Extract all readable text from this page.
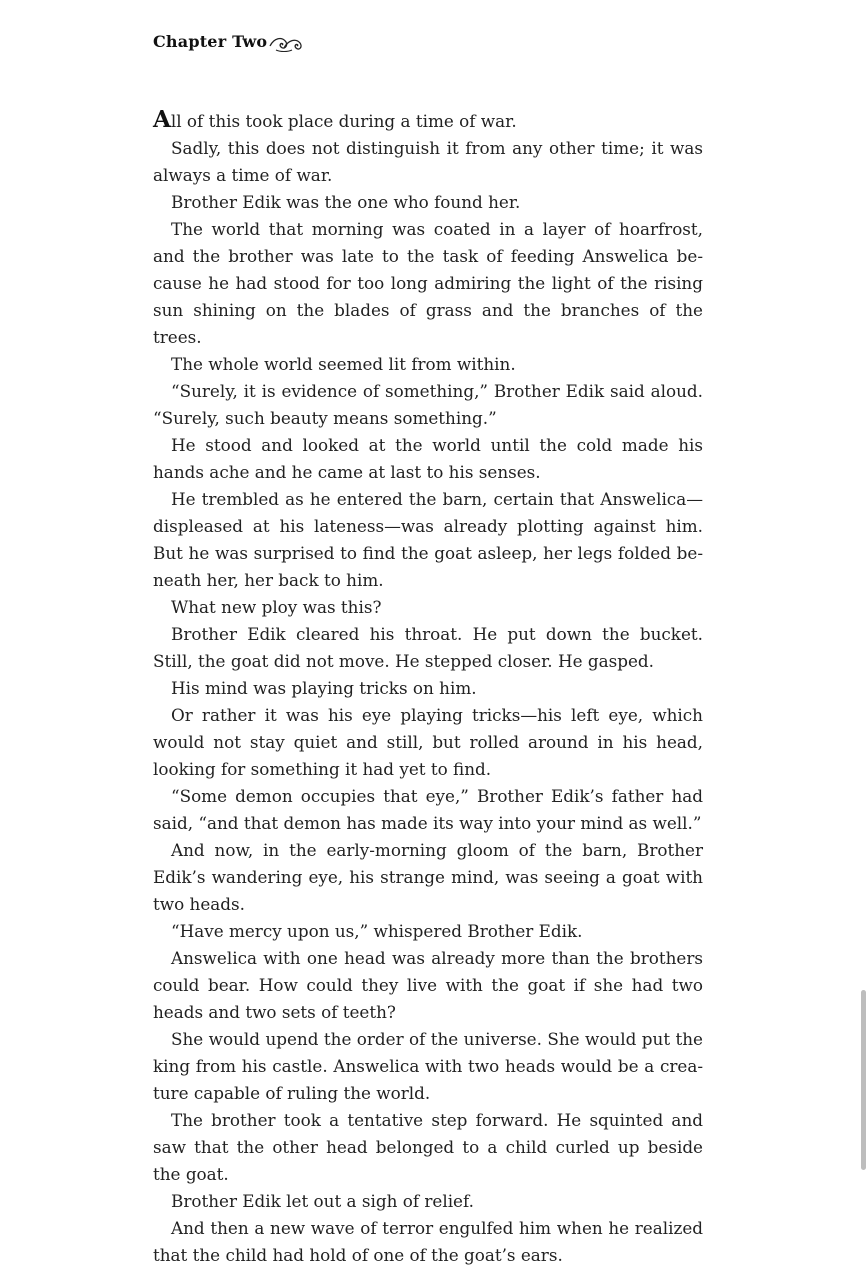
Chapter Two

All of this took place during a time of war.

Sadly, this does not distinguish it from any other time; it was always a time of war.

Brother Edik was the one who found her.

The world that morning was coated in a layer of hoarfrost, and the brother was late to the task of feeding Answelica because he had stood for too long admiring the light of the rising sun shining on the blades of grass and the branches of the trees.

The whole world seemed lit from within.

“Surely, it is evidence of something,” Brother Edik said aloud. “Surely, such beauty means something.”

He stood and looked at the world until the cold made his hands ache and he came at last to his senses.

He trembled as he entered the barn, certain that Answelica—displeased at his lateness—was already plotting against him. But he was surprised to find the goat asleep, her legs folded beneath her, her back to him.

What new ploy was this?

Brother Edik cleared his throat. He put down the bucket. Still, the goat did not move. He stepped closer. He gasped.

His mind was playing tricks on him.

Or rather it was his eye playing tricks—his left eye, which would not stay quiet and still, but rolled around in his head, looking for something it had yet to find.

“Some demon occupies that eye,” Brother Edik’s father had said, “and that demon has made its way into your mind as well.”

And now, in the early-morning gloom of the barn, Brother Edik’s wandering eye, his strange mind, was seeing a goat with two heads.

“Have mercy upon us,” whispered Brother Edik.

Answelica with one head was already more than the brothers could bear. How could they live with the goat if she had two heads and two sets of teeth?

She would upend the order of the universe. She would put the king from his castle. Answelica with two heads would be a creature capable of ruling the world.

The brother took a tentative step forward. He squinted and saw that the other head belonged to a child curled up beside the goat.

Brother Edik let out a sigh of relief.

And then a new wave of terror engulfed him when he realized that the child had hold of one of the goat’s ears.
